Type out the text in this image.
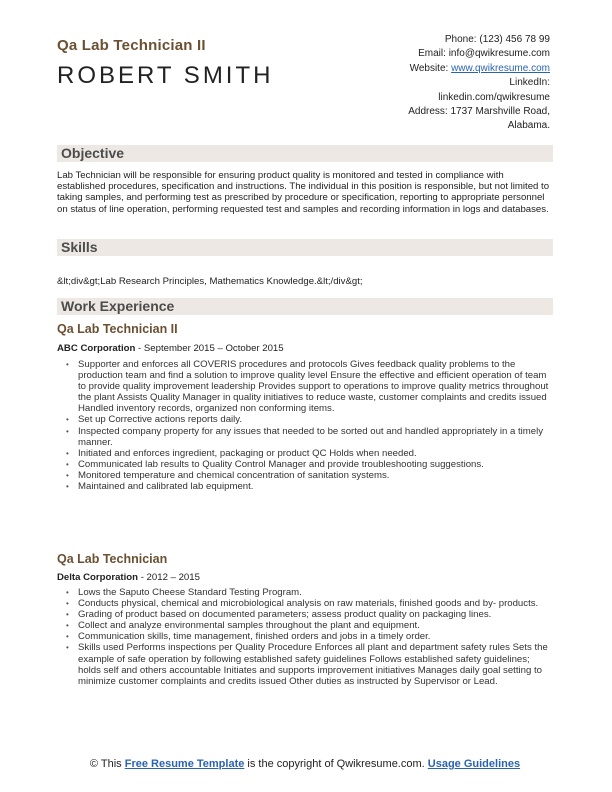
Qa Lab Technician II
ROBERT SMITH
Phone: (123) 456 78 99
Email: info@qwikresume.com
Website: www.qwikresume.com
LinkedIn:
linkedin.com/qwikresume
Address: 1737 Marshville Road,
Alabama.
Objective
Lab Technician will be responsible for ensuring product quality is monitored and tested in compliance with established procedures, specification and instructions. The individual in this position is responsible, but not limited to taking samples, and performing test as prescribed by procedure or specification, reporting to appropriate personnel on status of line operation, performing requested test and samples and recording information in logs and databases.
Skills
&lt;div&gt;Lab Research Principles, Mathematics Knowledge.&lt;/div&gt;
Work Experience
Qa Lab Technician II
ABC Corporation - September 2015 – October 2015
• Supporter and enforces all COVERIS procedures and protocols Gives feedback quality problems to the production team and find a solution to improve quality level Ensure the effective and efficient operation of team to provide quality improvement leadership Provides support to operations to improve quality metrics throughout the plant Assists Quality Manager in quality initiatives to reduce waste, customer complaints and credits issued Handled inventory records, organized non conforming items.
• Set up Corrective actions reports daily.
• Inspected company property for any issues that needed to be sorted out and handled appropriately in a timely manner.
• Initiated and enforces ingredient, packaging or product QC Holds when needed.
• Communicated lab results to Quality Control Manager and provide troubleshooting suggestions.
• Monitored temperature and chemical concentration of sanitation systems.
• Maintained and calibrated lab equipment.
Qa Lab Technician
Delta Corporation - 2012 – 2015
• Lows the Saputo Cheese Standard Testing Program.
• Conducts physical, chemical and microbiological analysis on raw materials, finished goods and by- products.
• Grading of product based on documented parameters; assess product quality on packaging lines.
• Collect and analyze environmental samples throughout the plant and equipment.
• Communication skills, time management, finished orders and jobs in a timely order.
• Skills used Performs inspections per Quality Procedure Enforces all plant and department safety rules Sets the example of safe operation by following established safety guidelines Follows established safety guidelines; holds self and others accountable Initiates and supports improvement initiatives Manages daily goal setting to minimize customer complaints and credits issued Other duties as instructed by Supervisor or Lead.
© This Free Resume Template is the copyright of Qwikresume.com. Usage Guidelines
